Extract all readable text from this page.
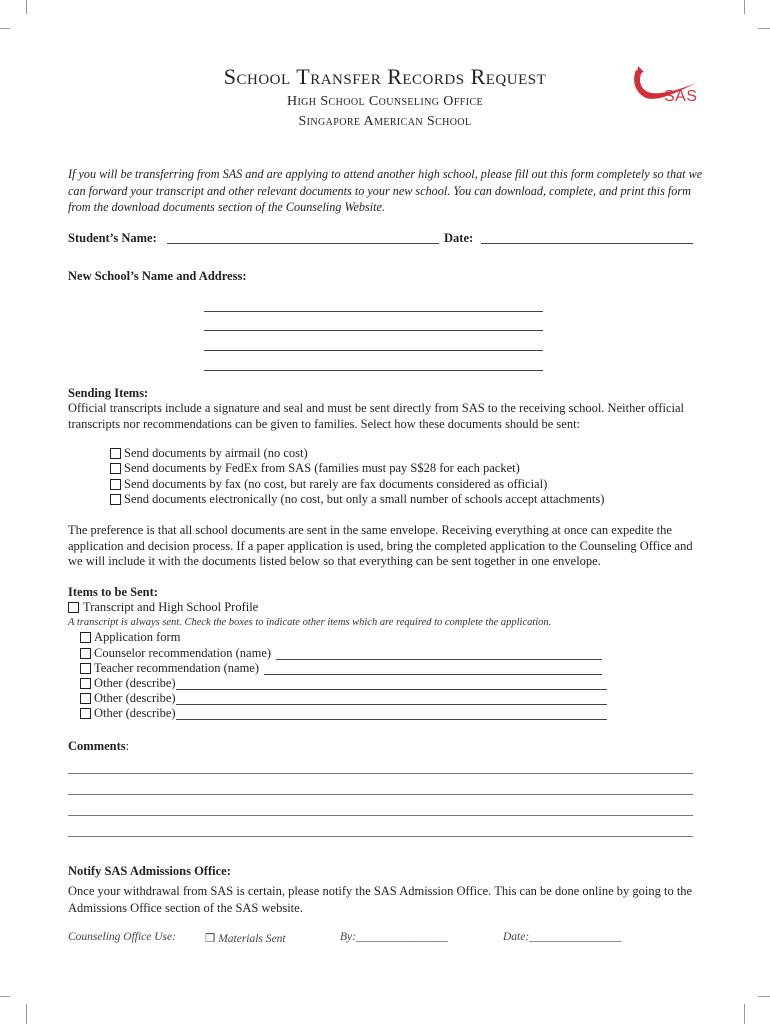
School Transfer Records Request
High School Counseling Office
Singapore American School
SAS
If you will be transferring from SAS and are applying to attend another high school, please fill out this form completely so that we can forward your transcript and other relevant documents to your new school. You can download, complete, and print this form from the download documents section of the Counseling Website.
Student’s Name:	Date:
New School’s Name and Address:
Sending Items:
Official transcripts include a signature and seal and must be sent directly from SAS to the receiving school. Neither official transcripts nor recommendations can be given to families. Select how these documents should be sent:
Send documents by airmail (no cost)
Send documents by FedEx from SAS (families must pay S$28 for each packet)
Send documents by fax (no cost, but rarely are fax documents considered as official)
Send documents electronically (no cost, but only a small number of schools accept attachments)
The preference is that all school documents are sent in the same envelope. Receiving everything at once can expedite the application and decision process. If a paper application is used, bring the completed application to the Counseling Office and we will include it with the documents listed below so that everything can be sent together in one envelope.
Items to be Sent:
Transcript and High School Profile
A transcript is always sent. Check the boxes to indicate other items which are required to complete the application.
Application form
Counselor recommendation (name)
Teacher recommendation (name)
Other (describe)
Other (describe)
Other (describe)
Comments:
Notify SAS Admissions Office:
Once your withdrawal from SAS is certain, please notify the SAS Admission Office. This can be done online by going to the Admissions Office section of the SAS website.
Counseling Office Use:	❒ Materials Sent	By:________________	Date:________________
